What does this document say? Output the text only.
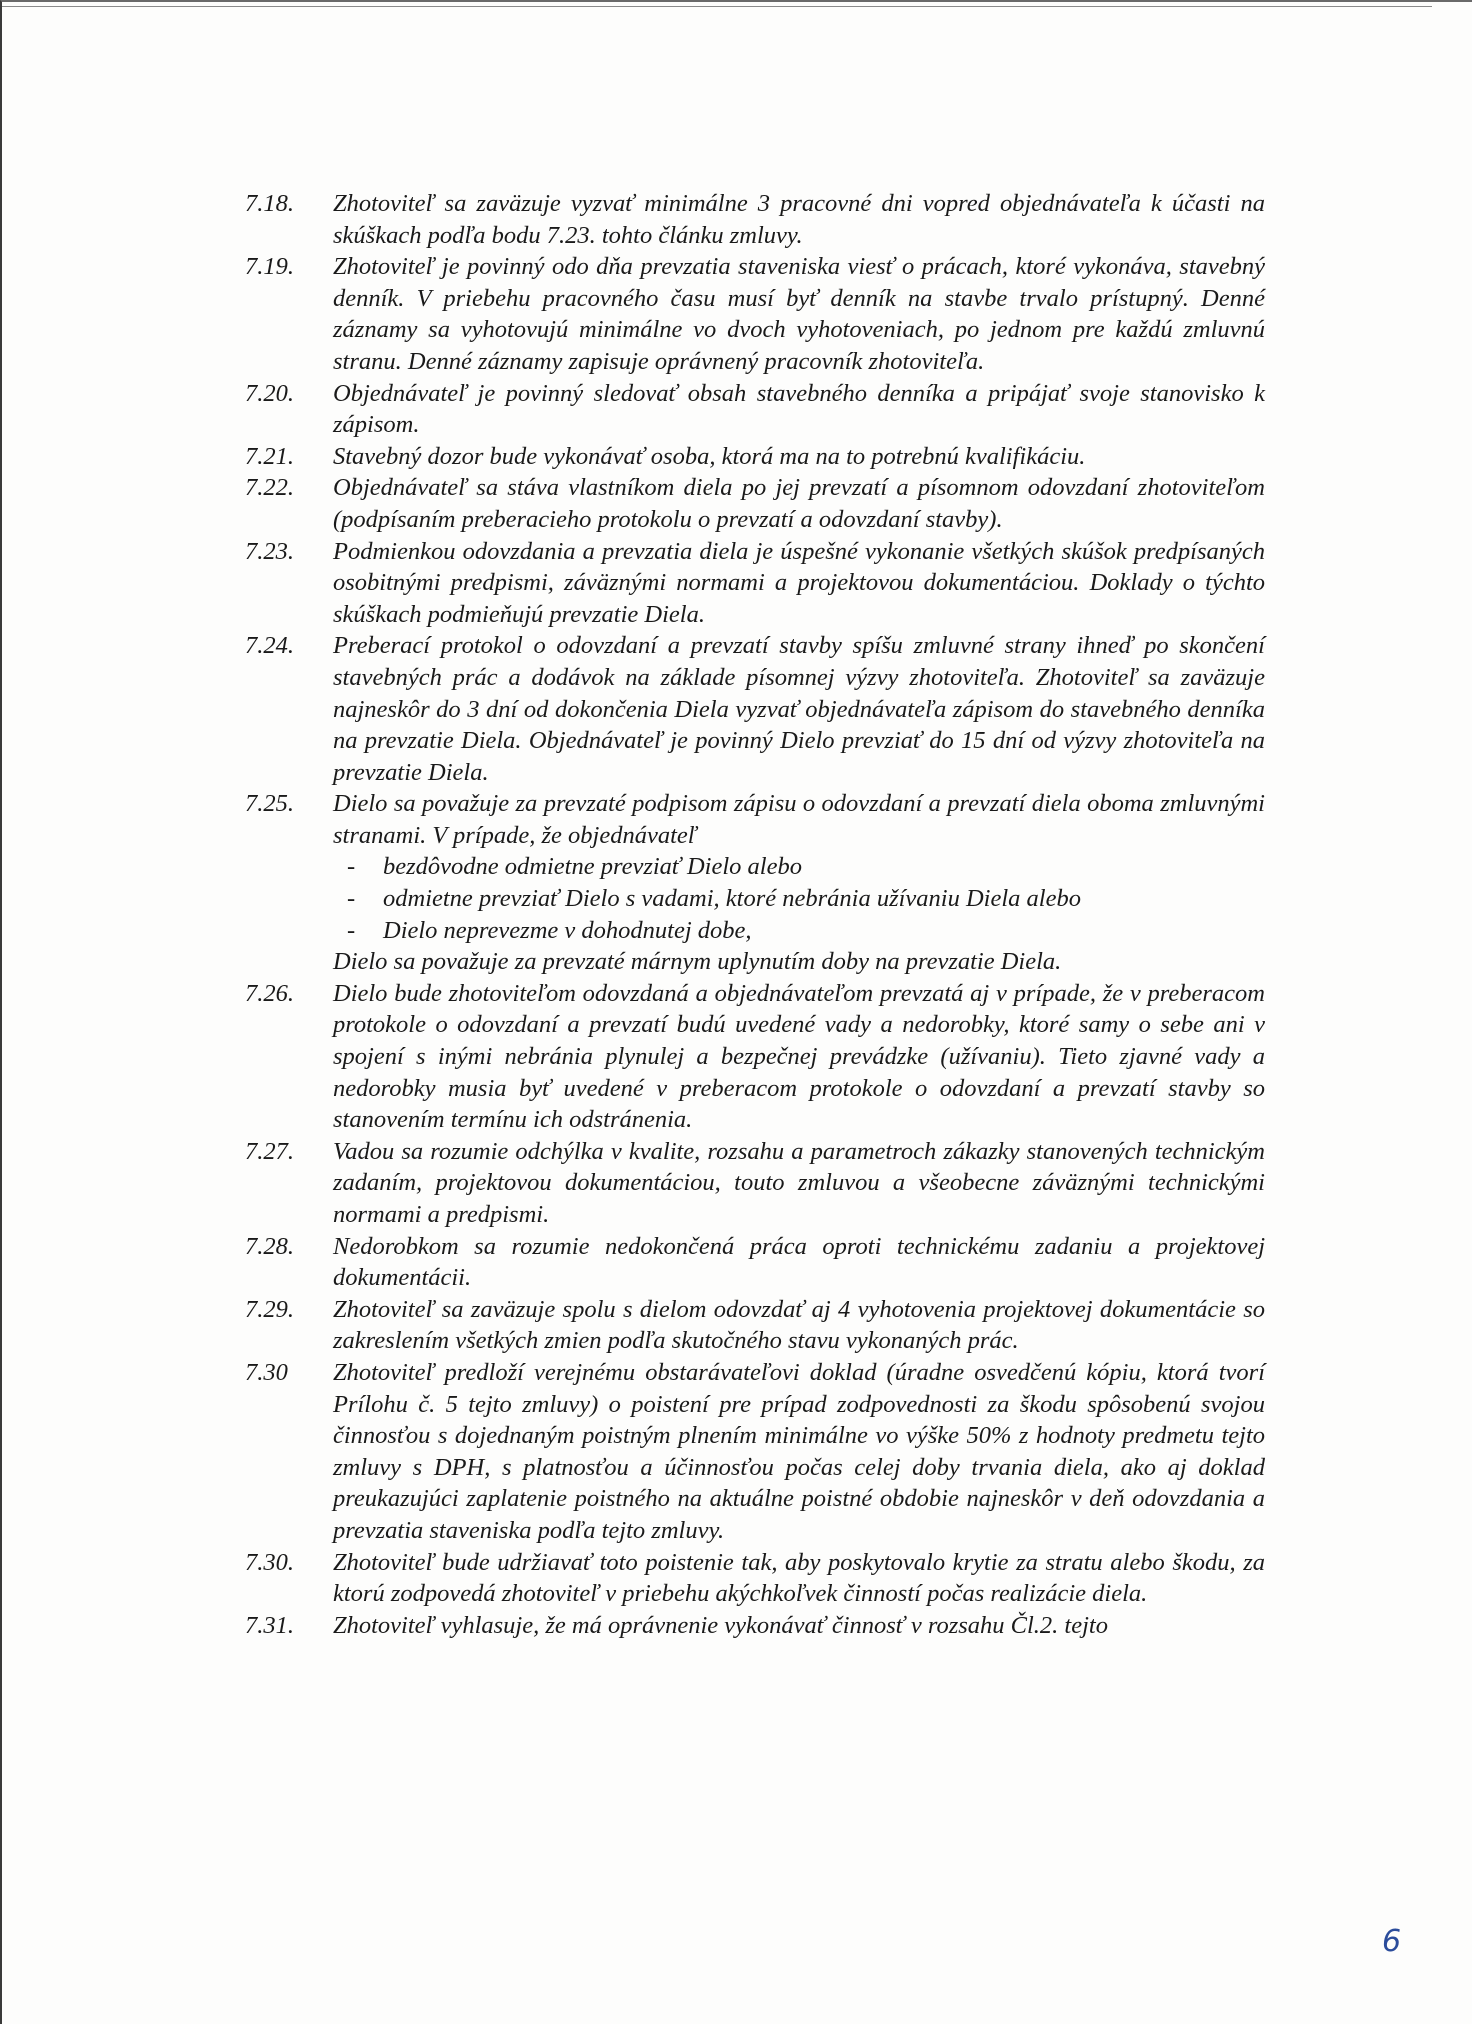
7.18.	Zhotoviteľ sa zaväzuje vyzvať minimálne 3 pracovné dni vopred objednávateľa k účasti na skúškach podľa bodu 7.23. tohto článku zmluvy.
7.19.	Zhotoviteľ je povinný odo dňa prevzatia staveniska viesť o prácach, ktoré vykonáva, stavebný denník. V priebehu pracovného času musí byť denník na stavbe trvalo prístupný. Denné záznamy sa vyhotovujú minimálne vo dvoch vyhotoveniach, po jednom pre každú zmluvnú stranu. Denné záznamy zapisuje oprávnený pracovník zhotoviteľa.
7.20.	Objednávateľ je povinný sledovať obsah stavebného denníka a pripájať svoje stanovisko k zápisom.
7.21.	Stavebný dozor bude vykonávať osoba, ktorá ma na to potrebnú kvalifikáciu.
7.22.	Objednávateľ sa stáva vlastníkom diela po jej prevzatí a písomnom odovzdaní zhotoviteľom (podpísaním preberacieho protokolu o prevzatí a odovzdaní stavby).
7.23.	Podmienkou odovzdania a prevzatia diela je úspešné vykonanie všetkých skúšok predpísaných osobitnými predpismi, záväznými normami a projektovou dokumentáciou. Doklady o týchto skúškach podmieňujú prevzatie Diela.
7.24.	Preberací protokol o odovzdaní a prevzatí stavby spíšu zmluvné strany ihneď po skončení stavebných prác a dodávok na základe písomnej výzvy zhotoviteľa. Zhotoviteľ sa zaväzuje najneskôr do 3 dní od dokončenia Diela vyzvať objednávateľa zápisom do stavebného denníka na prevzatie Diela. Objednávateľ je povinný Dielo prevziať do 15 dní od výzvy zhotoviteľa na prevzatie Diela.
7.25.	Dielo sa považuje za prevzaté podpisom zápisu o odovzdaní a prevzatí diela oboma zmluvnými stranami. V prípade, že objednávateľ
-	bezdôvodne odmietne prevziať Dielo alebo
-	odmietne prevziať Dielo s vadami, ktoré nebránia užívaniu Diela alebo
-	Dielo neprevezme v dohodnutej dobe,
Dielo sa považuje za prevzaté márnym uplynutím doby na prevzatie Diela.
7.26.	Dielo bude zhotoviteľom odovzdaná a objednávateľom prevzatá aj v prípade, že v preberacom protokole o odovzdaní a prevzatí budú uvedené vady a nedorobky, ktoré samy o sebe ani v spojení s inými nebránia plynulej a bezpečnej prevádzke (užívaniu). Tieto zjavné vady a nedorobky musia byť uvedené v preberacom protokole o odovzdaní a prevzatí stavby so stanovením termínu ich odstránenia.
7.27.	Vadou sa rozumie odchýlka v kvalite, rozsahu a parametroch zákazky stanovených technickým zadaním, projektovou dokumentáciou, touto zmluvou a všeobecne záväznými technickými normami a predpismi.
7.28.	Nedorobkom sa rozumie nedokončená práca oproti technickému zadaniu a projektovej dokumentácii.
7.29.	Zhotoviteľ sa zaväzuje spolu s dielom odovzdať aj 4 vyhotovenia projektovej dokumentácie so zakreslením všetkých zmien podľa skutočného stavu vykonaných prác.
7.30	Zhotoviteľ predloží verejnému obstarávateľovi doklad (úradne osvedčenú kópiu, ktorá tvorí Prílohu č. 5 tejto zmluvy) o poistení pre prípad zodpovednosti za škodu spôsobenú svojou činnosťou s dojednaným poistným plnením minimálne vo výške 50% z hodnoty predmetu tejto zmluvy s DPH, s platnosťou a účinnosťou počas celej doby trvania diela, ako aj doklad preukazujúci zaplatenie poistného na aktuálne poistné obdobie najneskôr v deň odovzdania a prevzatia staveniska podľa tejto zmluvy.
7.30.	Zhotoviteľ bude udržiavať toto poistenie tak, aby poskytovalo krytie za stratu alebo škodu, za ktorú zodpovedá zhotoviteľ v priebehu akýchkoľvek činností počas realizácie diela.
7.31.	Zhotoviteľ vyhlasuje, že má oprávnenie vykonávať činnosť v rozsahu Čl.2. tejto
6
